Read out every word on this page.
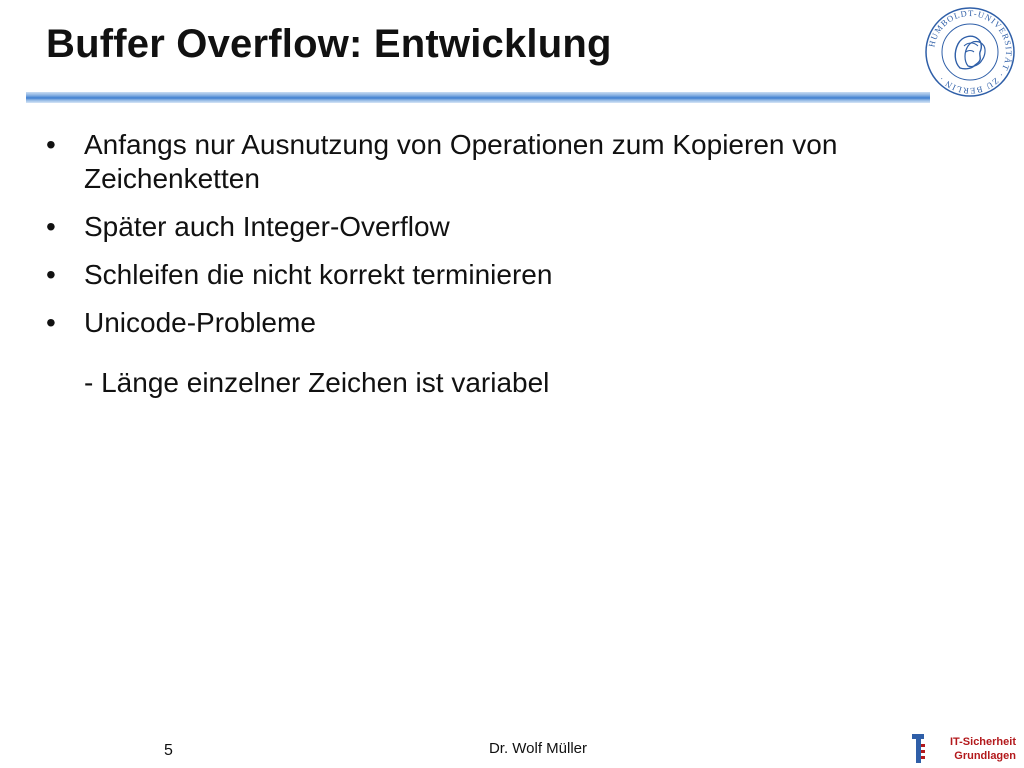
Buffer Overflow: Entwicklung	HUMBOLDT-UNIVERSITÄT · ZU BERLIN ·
• Anfangs nur Ausnutzung von Operationen zum Kopieren von Zeichenketten
• Später auch Integer-Overflow
• Schleifen die nicht korrekt terminieren
• Unicode-Probleme
- Länge einzelner Zeichen ist variabel
5	Dr. Wolf Müller	IT-Sicherheit
Grundlagen
